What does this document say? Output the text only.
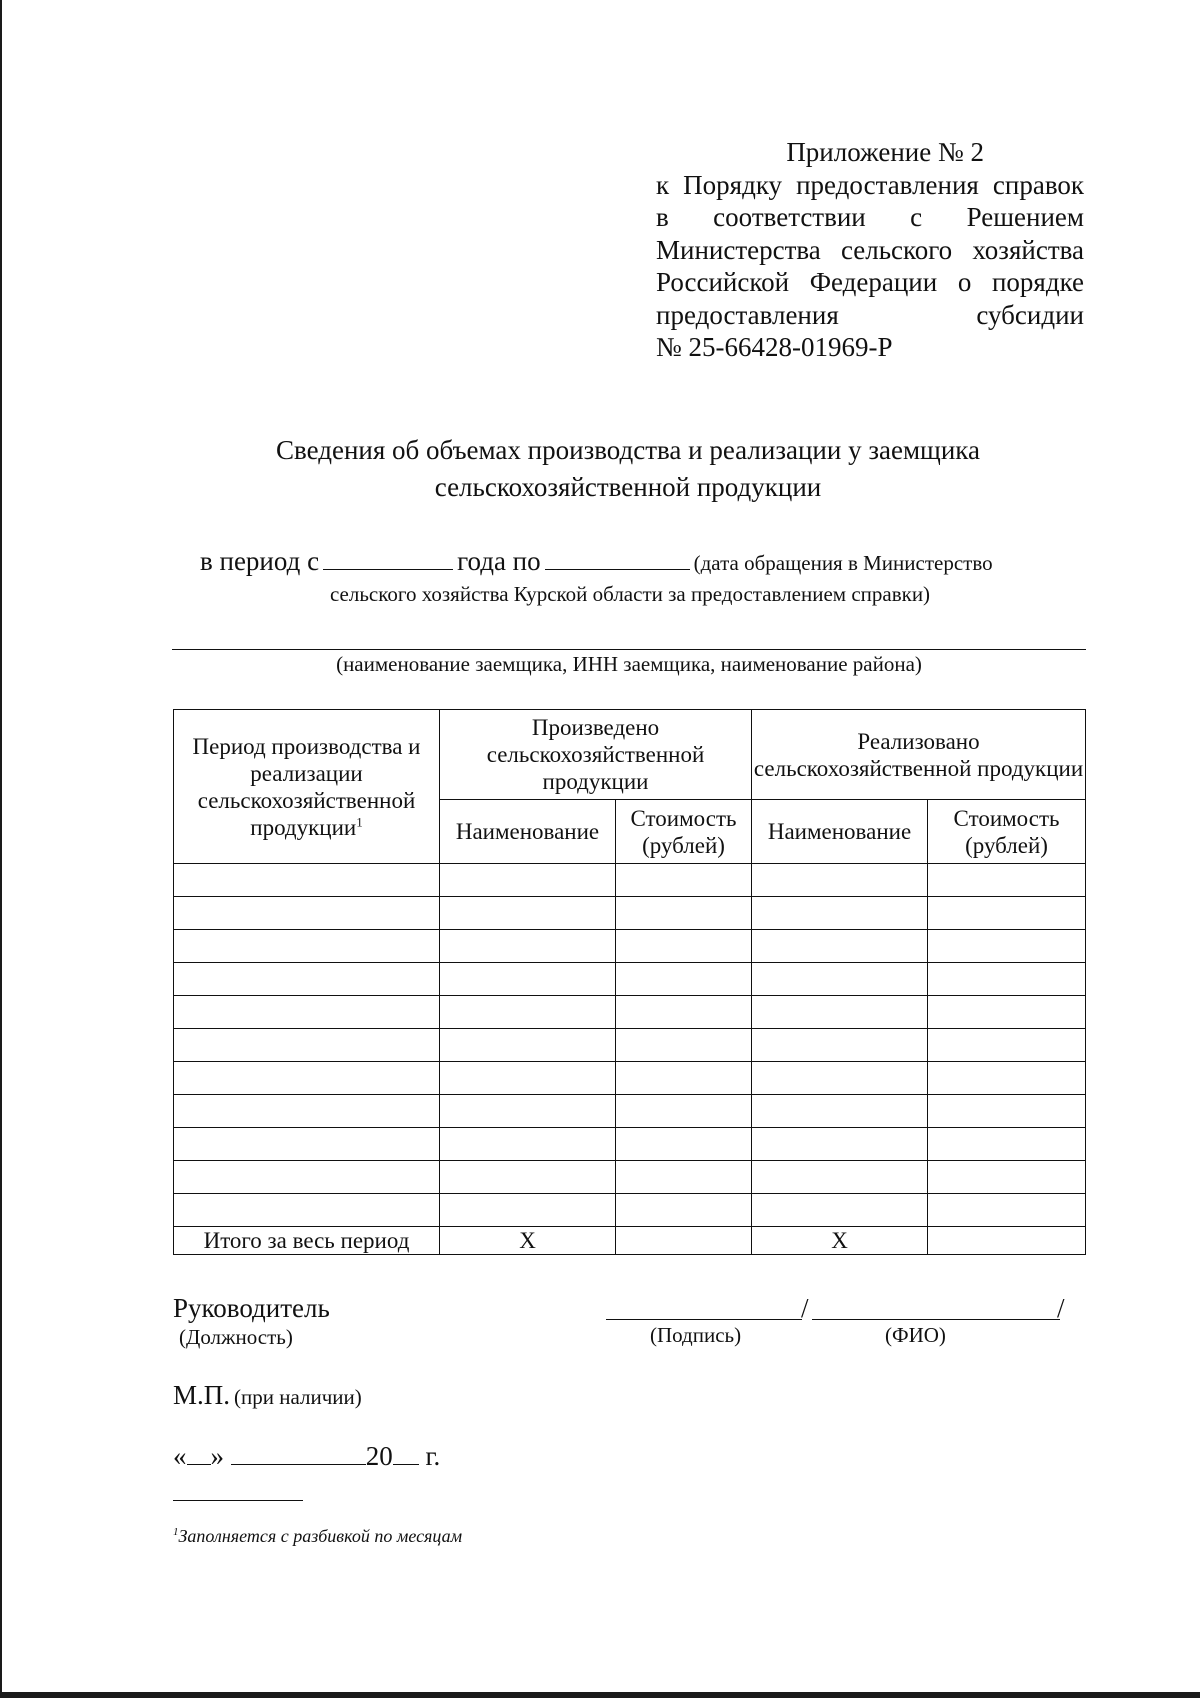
Приложение № 2
к Порядку предоставления справок
в соответствии с Решением
Министерства сельского хозяйства
Российской Федерации о порядке
предоставления субсидии
№ 25-66428-01969-Р
Сведения об объемах производства и реализации у заемщика
сельскохозяйственной продукции
в период с	года по	(дата обращения в Министерство
сельского хозяйства Курской области за предоставлением справки)
(наименование заемщика, ИНН заемщика, наименование района)
Период производства и реализации сельскохозяйственной продукции$^1$	Произведено сельскохозяйственной продукции		Реализовано сельскохозяйственной продукции	
	Наименование	Стоимость (рублей)	Наименование	Стоимость (рублей)

Итого за весь период	Х		Х	
Руководитель
(Должность)
/	/
(Подпись)	(ФИО)
М.П. (при наличии)
« »	20 г.
$^1$Заполняется с разбивкой по месяцам
